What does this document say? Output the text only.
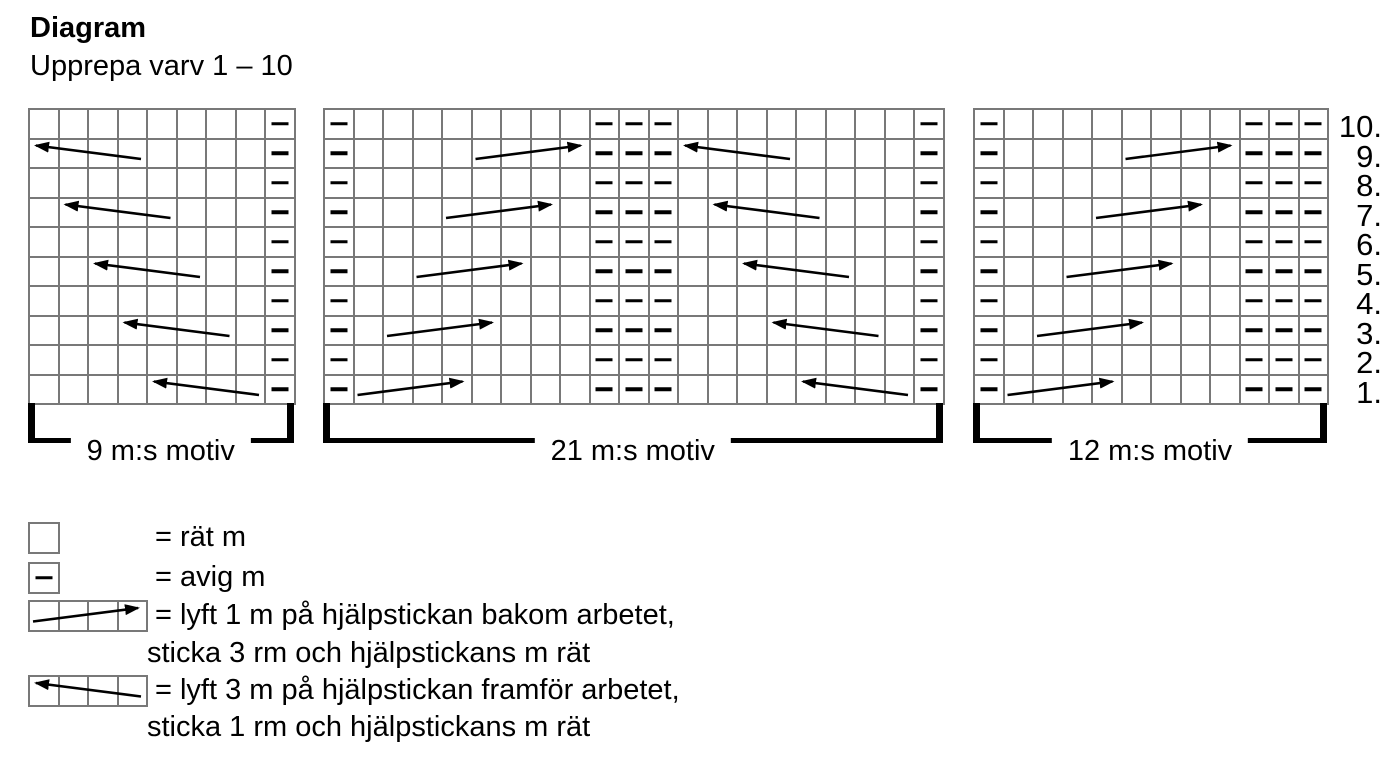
Diagram
Upprepa varv 1 – 10
10.
9.
8.
7.
6.
5.
4.
3.
2.
1.
9 m:s motiv	21 m:s motiv	12 m:s motiv
= rät m
= avig m
= lyft 1 m på hjälpstickan bakom arbetet,
sticka 3 rm och hjälpstickans m rät
= lyft 3 m på hjälpstickan framför arbetet,
sticka 1 rm och hjälpstickans m rät
